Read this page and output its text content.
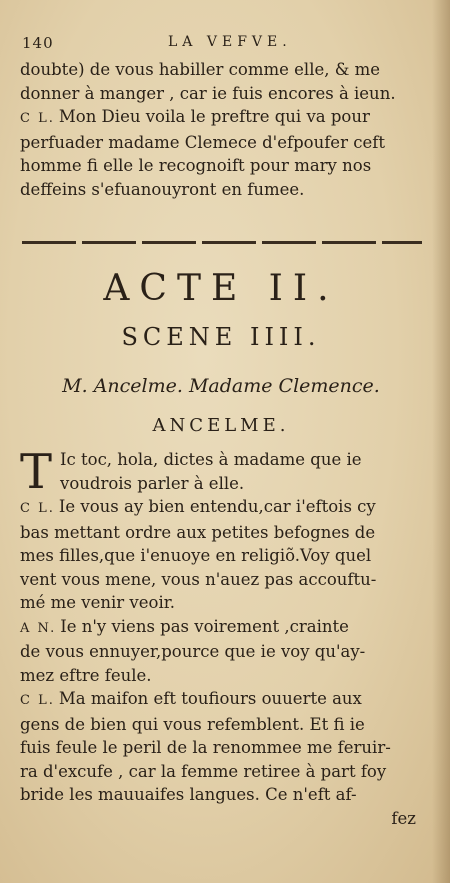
140	LA VEFVE.

doubte) de vous habiller comme elle, & me

donner à manger , car ie fuis encores à ieun.

C L. Mon Dieu voila le preftre qui va pour

perfuader madame Clemece d'efpoufer ceft

homme fi elle le recognoift pour mary nos

deffeins s'efuanouyront en fumee.

ACTE II.
SCENE IIII.

M. Ancelme. Madame Clemence.

ANCELME.

T Ic toc, hola, dictes à madame que ie

voudrois parler à elle.

C L. Ie vous ay bien entendu,car i'eftois cy

bas mettant ordre aux petites befognes de

mes filles,que i'enuoye en religiõ.Voy quel

vent vous mene, vous n'auez pas accouftu-

mé me venir veoir.

A N. Ie n'y viens pas voirement ,crainte

de vous ennuyer,pource que ie voy qu'ay-

mez eftre feule.

C L. Ma maifon eft toufiours ouuerte aux

gens de bien qui vous refemblent. Et fi ie

fuis feule le peril de la renommee me feruir-

ra d'excufe , car la femme retiree à part foy

bride les mauuaifes langues. Ce n'eft af-

fez
